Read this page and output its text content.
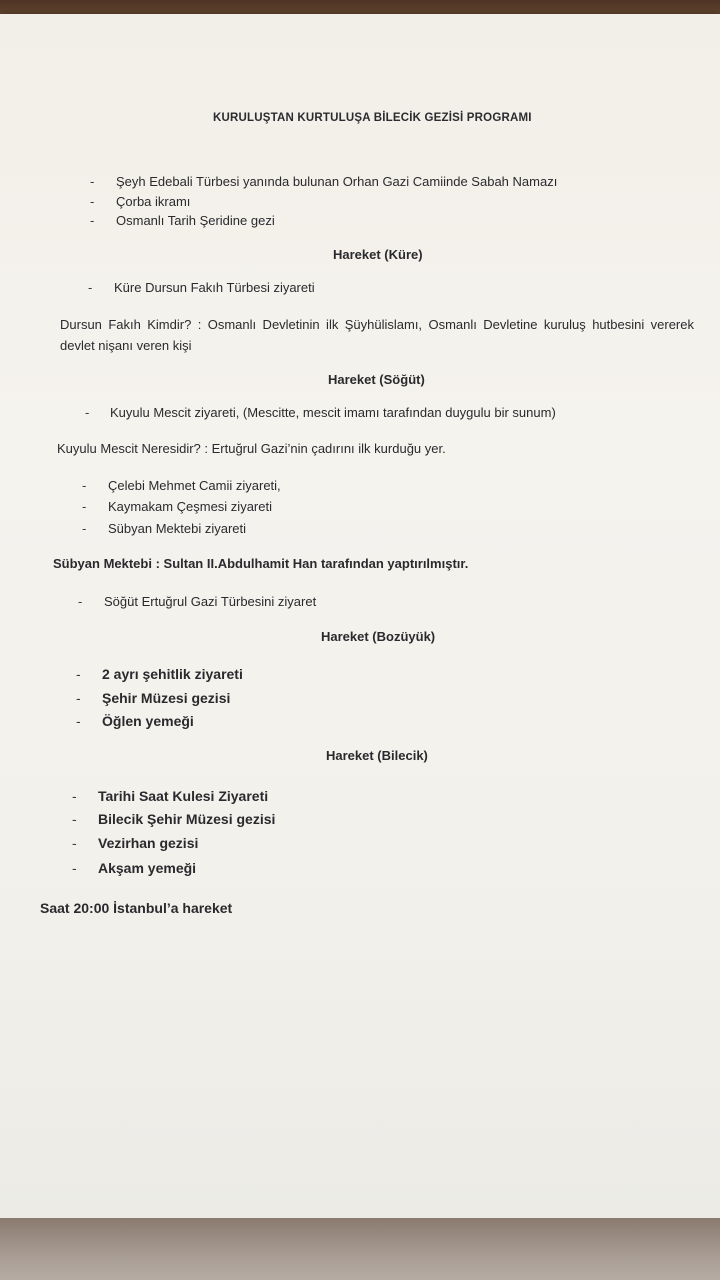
KURULUŞTAN KURTULUŞA BİLECİK GEZİSİ PROGRAMI
- Şeyh Edebali Türbesi yanında bulunan Orhan Gazi Camiinde Sabah Namazı
- Çorba ikramı
- Osmanlı Tarih Şeridine gezi
Hareket (Küre)
- Küre Dursun Fakıh Türbesi ziyareti
Dursun Fakıh Kimdir? : Osmanlı Devletinin ilk Şüyhülislamı, Osmanlı Devletine kuruluş hutbesini vererek devlet nişanı veren kişi
Hareket (Söğüt)
- Kuyulu Mescit ziyareti, (Mescitte, mescit imamı tarafından duygulu bir sunum)
Kuyulu Mescit Neresidir? : Ertuğrul Gazi’nin çadırını ilk kurduğu yer.
- Çelebi Mehmet Camii ziyareti,
- Kaymakam Çeşmesi ziyareti
- Sübyan Mektebi ziyareti
Sübyan Mektebi : Sultan II.Abdulhamit Han tarafından yaptırılmıştır.
- Söğüt Ertuğrul Gazi Türbesini ziyaret
Hareket (Bozüyük)
- 2 ayrı şehitlik ziyareti
- Şehir Müzesi gezisi
- Öğlen yemeği
Hareket (Bilecik)
- Tarihi Saat Kulesi Ziyareti
- Bilecik Şehir Müzesi gezisi
- Vezirhan gezisi
- Akşam yemeği
Saat 20:00 İstanbul’a hareket
